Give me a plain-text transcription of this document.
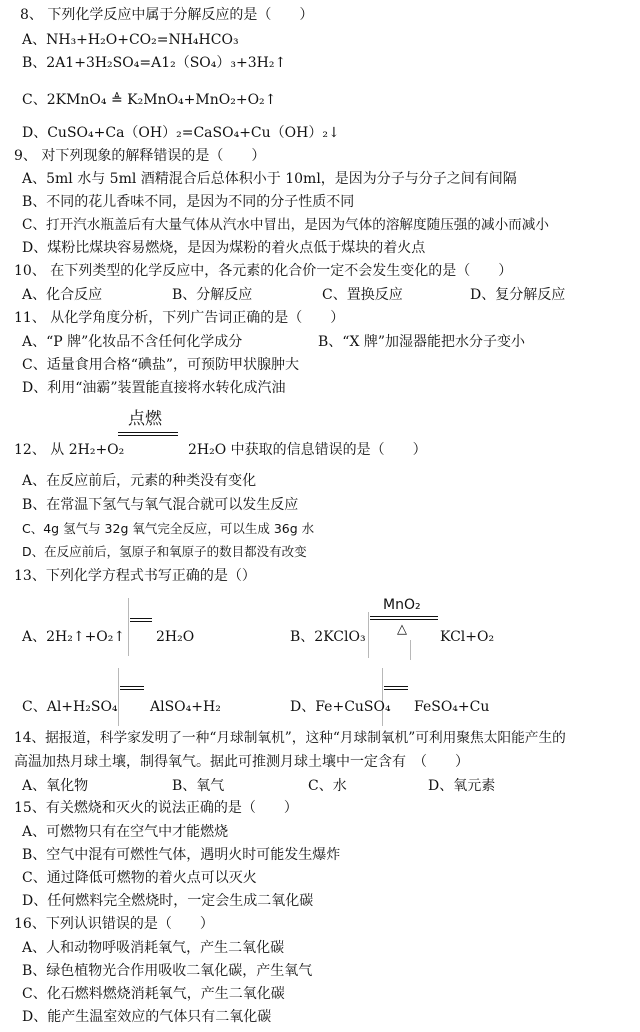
8、 下列化学反应中属于分解反应的是（　　）
A、NH₃+H₂O+CO₂=NH₄HCO₃
B、2A1+3H₂SO₄=A1₂（SO₄）₃+3H₂↑
C、2KMnO₄ ≜ K₂MnO₄+MnO₂+O₂↑
D、CuSO₄+Ca（OH）₂=CaSO₄+Cu（OH）₂↓
9、 对下列现象的解释错误的是（　　）
A、5ml 水与 5ml 酒精混合后总体积小于 10ml，是因为分子与分子之间有间隔
B、不同的花儿香味不同，是因为不同的分子性质不同
C、打开汽水瓶盖后有大量气体从汽水中冒出，是因为气体的溶解度随压强的减小而减小
D、煤粉比煤块容易燃烧，是因为煤粉的着火点低于煤块的着火点
10、 在下列类型的化学反应中，各元素的化合价一定不会发生变化的是（　　）
A、化合反应	B、分解反应	C、置换反应	D、复分解反应
11、 从化学角度分析，下列广告词正确的是（　　）
A、“P 牌”化妆品不含任何化学成分	B、“X 牌”加湿器能把水分子变小
C、适量食用合格“碘盐”，可预防甲状腺肿大
D、利用“油霸”装置能直接将水转化成汽油
点燃
12、 从 2H₂+O₂	2H₂O 中获取的信息错误的是（　　）
A、在反应前后，元素的种类没有变化
B、在常温下氢气与氧气混合就可以发生反应
C、4g 氢气与 32g 氧气完全反应，可以生成 36g 水
D、在反应前后，氢原子和氧原子的数目都没有改变
13、下列化学方程式书写正确的是（）
A、2H₂↑+O₂↑ 2H₂O
MnO₂
△
B、2KClO₃	KCl+O₂
C、Al+H₂SO₄ AlSO₄+H₂	D、Fe+CuSO₄ FeSO₄+Cu
14、据报道，科学家发明了一种“月球制氧机”，这种“月球制氧机”可利用聚焦太阳能产生的
高温加热月球土壤，制得氧气。据此可推测月球土壤中一定含有　（　　）
A、氧化物	B、氧气	C、水	D、氧元素
15、有关燃烧和灭火的说法正确的是（　　）
A、可燃物只有在空气中才能燃烧
B、空气中混有可燃性气体，遇明火时可能发生爆炸
C、通过降低可燃物的着火点可以灭火
D、任何燃料完全燃烧时，一定会生成二氧化碳
16、下列认识错误的是（　　）
A、人和动物呼吸消耗氧气，产生二氧化碳
B、绿色植物光合作用吸收二氧化碳，产生氧气
C、化石燃料燃烧消耗氧气，产生二氧化碳
D、能产生温室效应的气体只有二氧化碳
